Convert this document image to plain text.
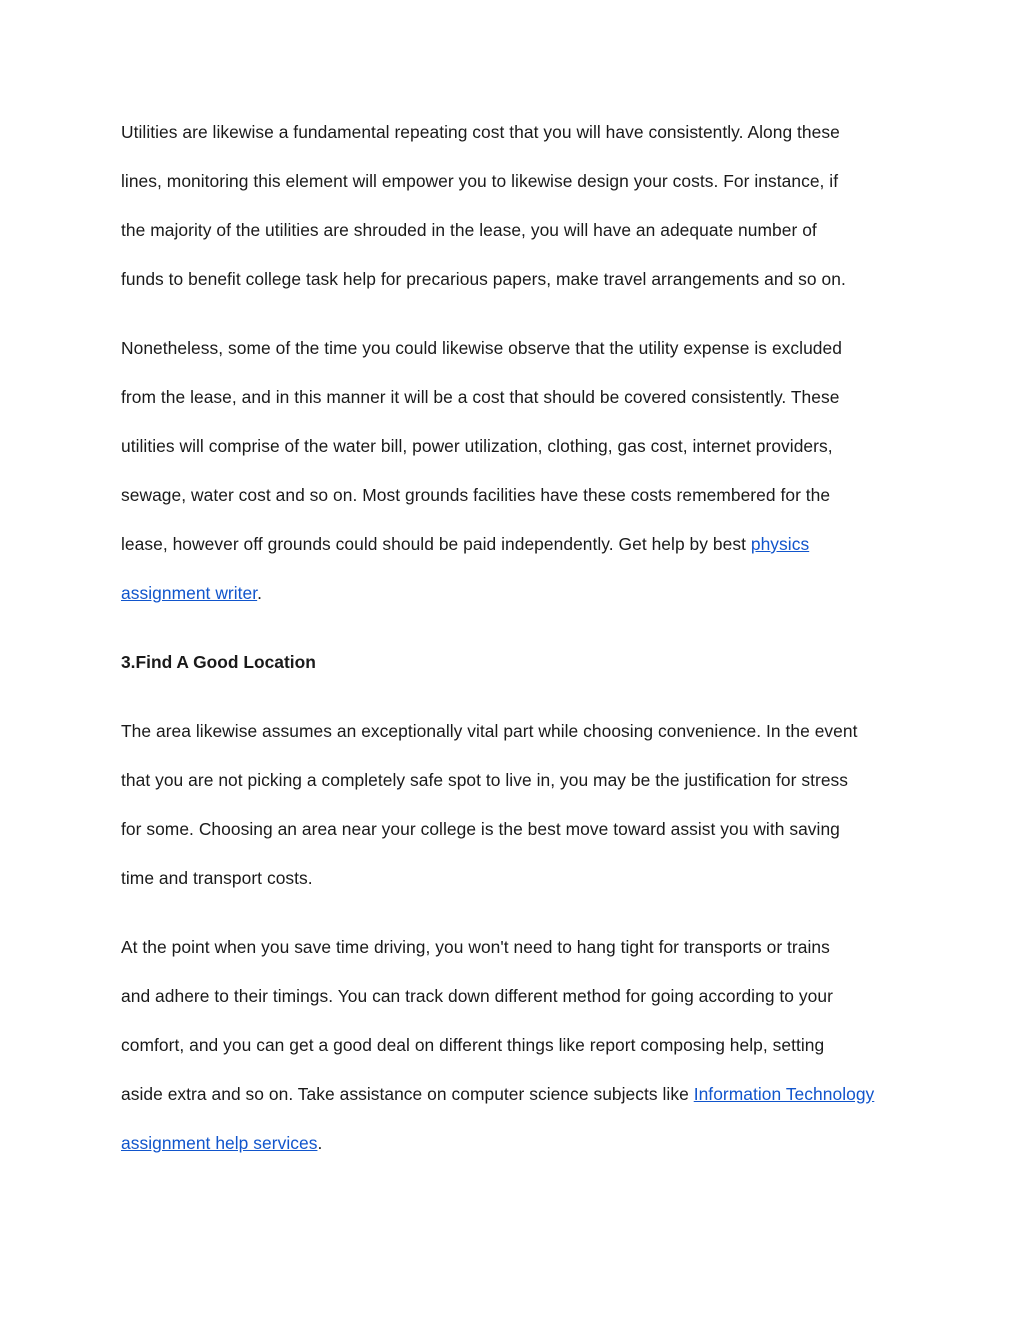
Utilities are likewise a fundamental repeating cost that you will have consistently. Along these
lines, monitoring this element will empower you to likewise design your costs. For instance, if
the majority of the utilities are shrouded in the lease, you will have an adequate number of
funds to benefit college task help for precarious papers, make travel arrangements and so on.

Nonetheless, some of the time you could likewise observe that the utility expense is excluded
from the lease, and in this manner it will be a cost that should be covered consistently. These
utilities will comprise of the water bill, power utilization, clothing, gas cost, internet providers,
sewage, water cost and so on. Most grounds facilities have these costs remembered for the
lease, however off grounds could should be paid independently. Get help by best physics
assignment writer.

3.Find A Good Location

The area likewise assumes an exceptionally vital part while choosing convenience. In the event
that you are not picking a completely safe spot to live in, you may be the justification for stress
for some. Choosing an area near your college is the best move toward assist you with saving
time and transport costs.

At the point when you save time driving, you won't need to hang tight for transports or trains
and adhere to their timings. You can track down different method for going according to your
comfort, and you can get a good deal on different things like report composing help, setting
aside extra and so on. Take assistance on computer science subjects like Information Technology
assignment help services.
